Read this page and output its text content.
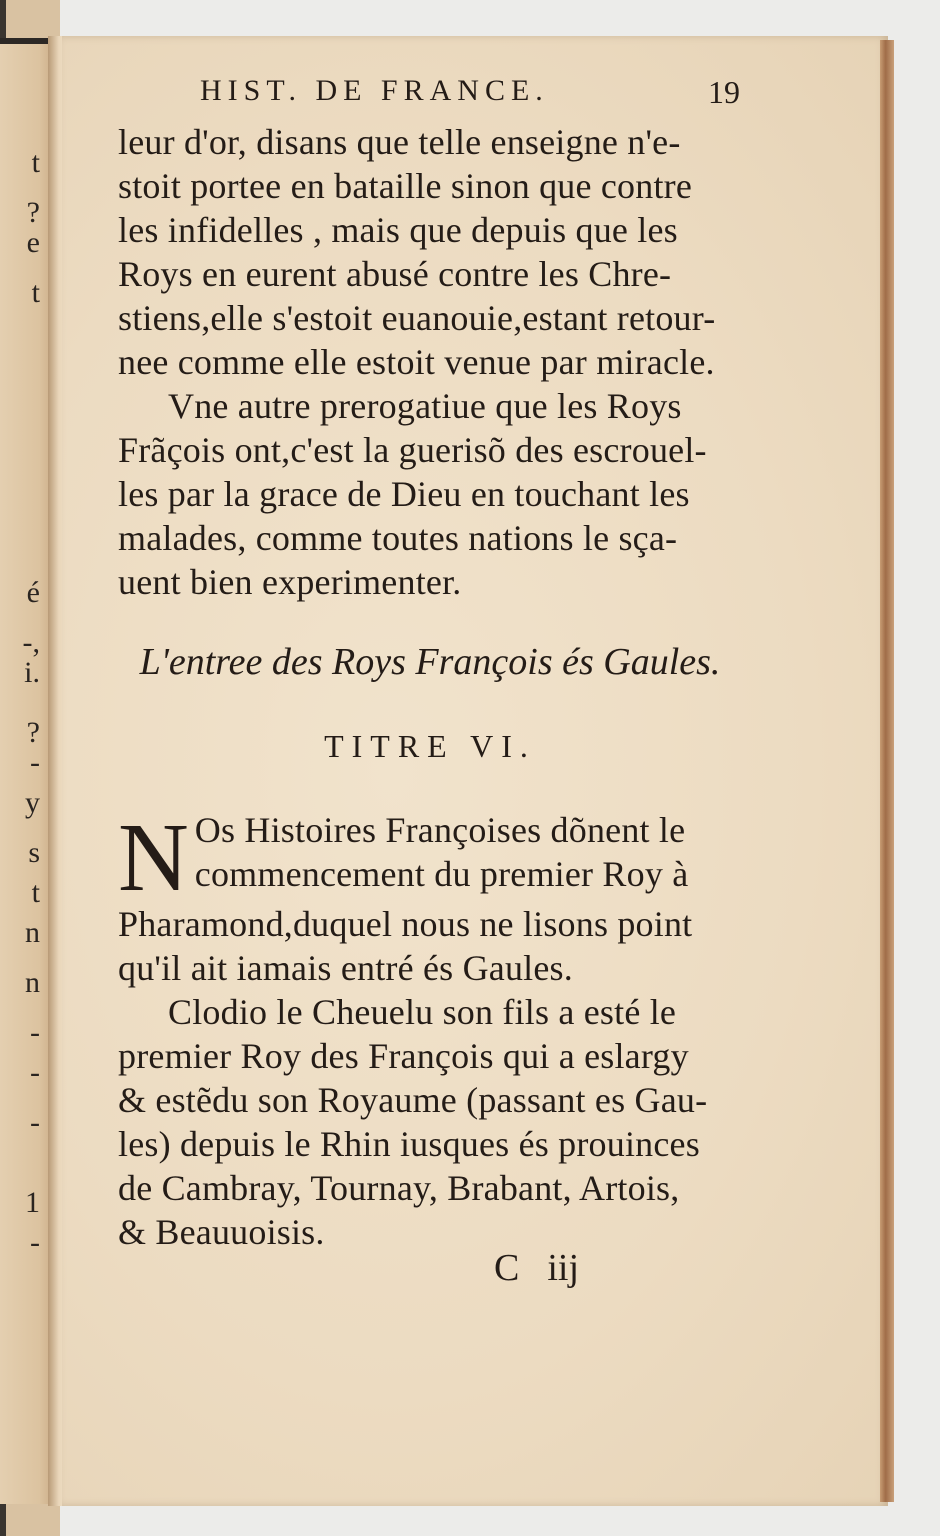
t
?
e
t
é
-,
i.
?
-
y
s
t
n
n
-
-
-
1
-
HIST. DE FRANCE.	19
leur d'or, disans que telle enseigne n'e-
stoit portee en bataille sinon que contre
les infidelles , mais que depuis que les
Roys en eurent abusé contre les Chre-
stiens,elle s'estoit euanouie,estant retour-
nee comme elle estoit venue par miracle.
Vne autre prerogatiue que les Roys
Frãçois ont,c'est la guerisõ des escrouel-
les par la grace de Dieu en touchant les
malades, comme toutes nations le sça-
uent bien experimenter.
L'entree des Roys François és Gaules.
TITRE VI.
N Os Histoires Françoises dõnent le
commencement du premier Roy à
Pharamond,duquel nous ne lisons point
qu'il ait iamais entré és Gaules.
Clodio le Cheuelu son fils a esté le
premier Roy des François qui a eslargy
& estẽdu son Royaume (passant es Gau-
les) depuis le Rhin iusques és prouinces
de Cambray, Tournay, Brabant, Artois,
& Beauuoisis.
C iij
